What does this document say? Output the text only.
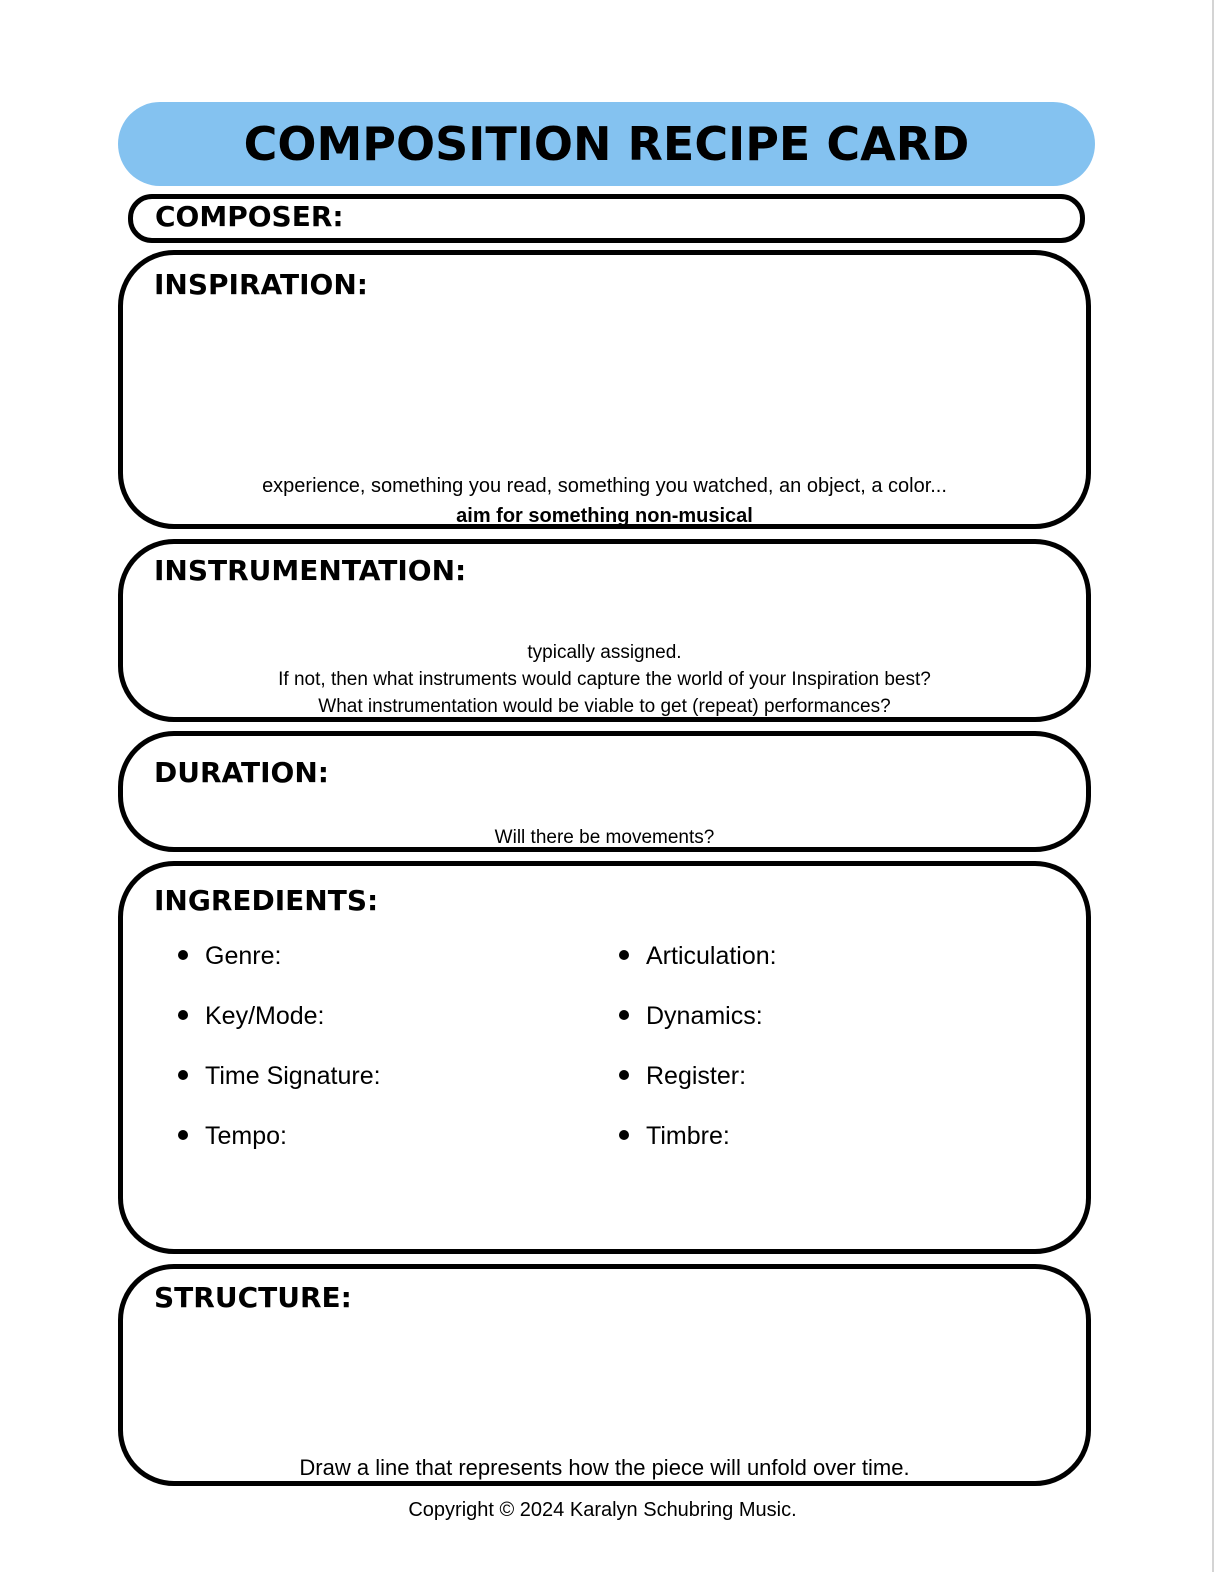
COMPOSITION RECIPE CARD
COMPOSER:
INSPIRATION:
experience, something you read, something you watched, an object, a color...
aim for something non-musical
INSTRUMENTATION:
typically assigned.
If not, then what instruments would capture the world of your Inspiration best?
What instrumentation would be viable to get (repeat) performances?
DURATION:
Will there be movements?
INGREDIENTS:
Genre:
Key/Mode:
Time Signature:
Tempo:
Articulation:
Dynamics:
Register:
Timbre:
STRUCTURE:
Draw a line that represents how the piece will unfold over time.
Copyright © 2024 Karalyn Schubring Music.
